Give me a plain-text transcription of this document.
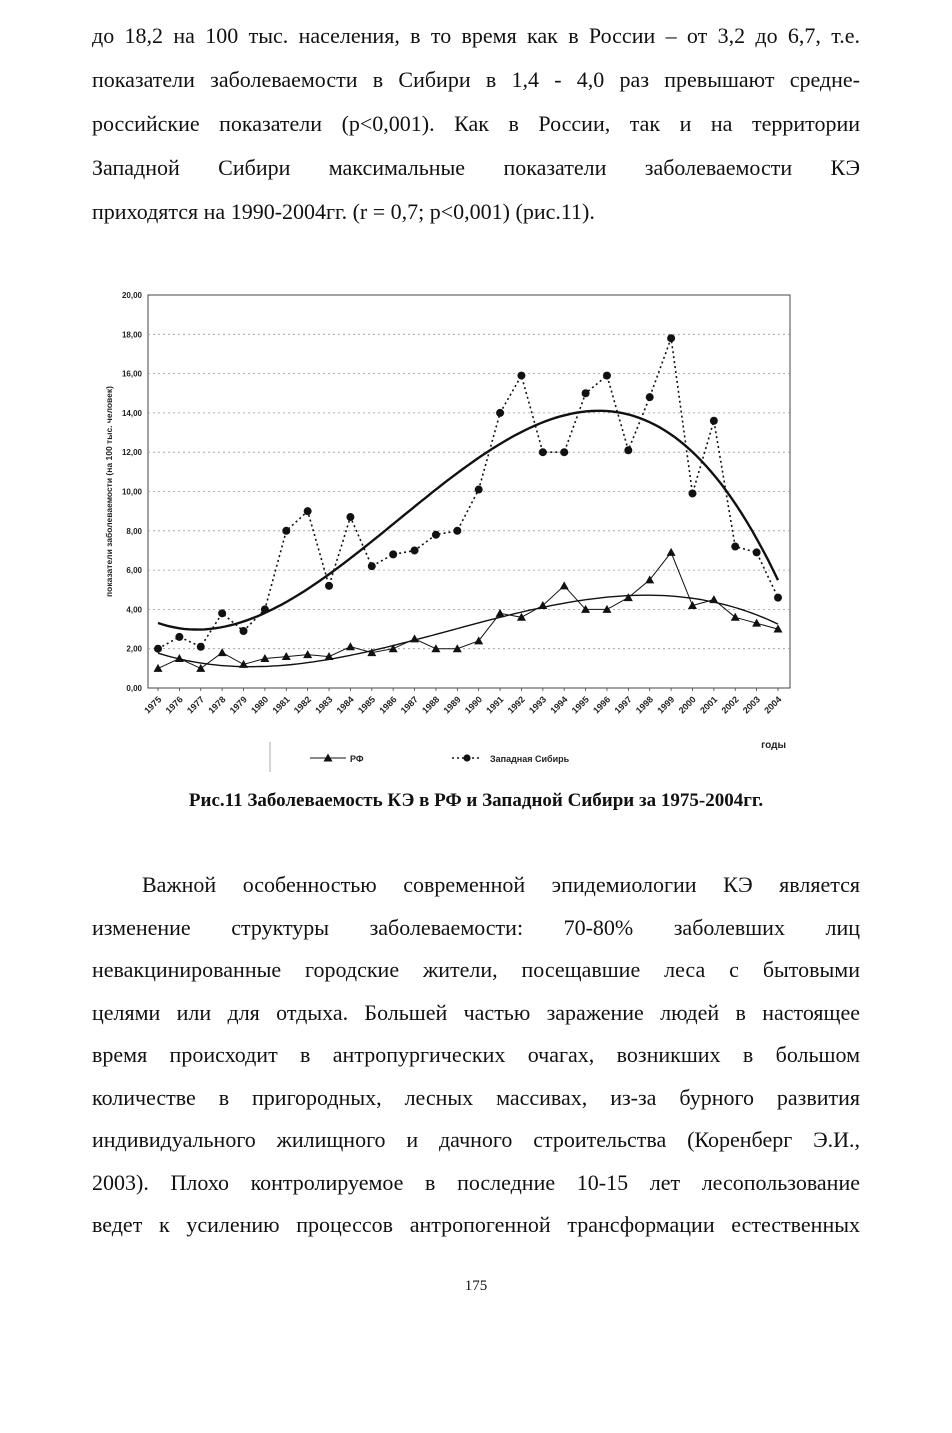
до 18,2 на 100 тыс. населения, в то время как в России – от 3,2 до 6,7, т.е.
показатели заболеваемости в Сибири в 1,4 - 4,0 раз превышают средне-
российские показатели (p<0,001). Как в России, так и на территории
Западной Сибири максимальные показатели заболеваемости КЭ
приходятся на 1990-2004гг. (r = 0,7; p<0,001) (рис.11).
0,00
2,00
4,00
6,00
8,00
10,00
12,00
14,00
16,00
18,00
20,00
показатели заболеваемости (на 100 тыс. человек)
1975 1976 1977 1978 1979 1980 1981 1982 1983 1984 1985 1986 1987 1988 1989 1990 1991 1992 1993 1994 1995 1996 1997 1998 1999 2000 2001 2002 2003 2004
годы
РФ	Западная Сибирь
Рис.11 Заболеваемость КЭ в РФ и Западной Сибири за 1975-2004гг.
Важной особенностью современной эпидемиологии КЭ является
изменение структуры заболеваемости: 70-80% заболевших лиц
невакцинированные городские жители, посещавшие леса с бытовыми
целями или для отдыха. Большей частью заражение людей в настоящее
время происходит в антропургических очагах, возникших в большом
количестве в пригородных, лесных массивах, из-за бурного развития
индивидуального жилищного и дачного строительства (Коренберг Э.И.,
2003). Плохо контролируемое в последние 10-15 лет лесопользование
ведет к усилению процессов антропогенной трансформации естественных
175
